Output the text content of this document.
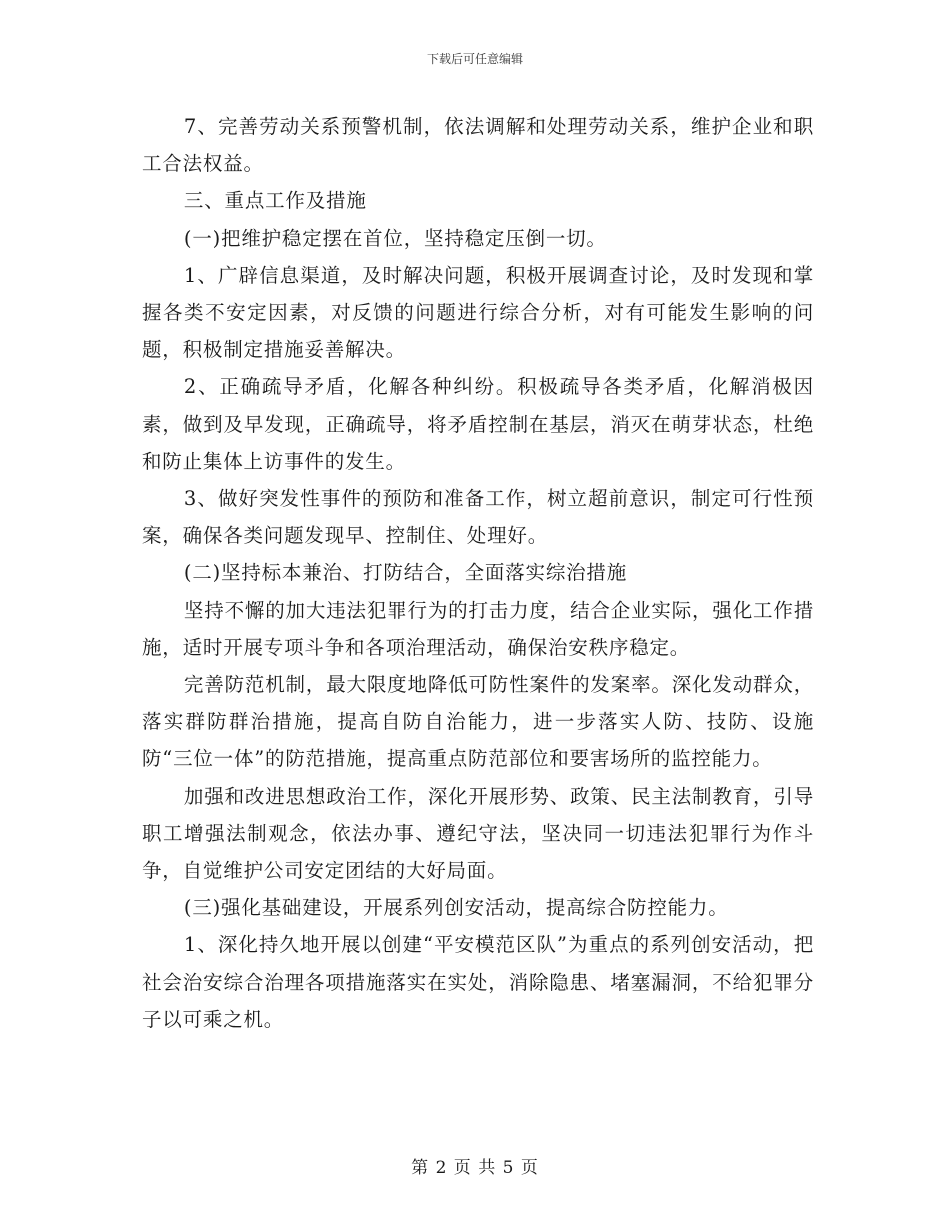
下载后可任意编辑

7、完善劳动关系预警机制，依法调解和处理劳动关系，维护企业和职工合法权益。

三、重点工作及措施

(一)把维护稳定摆在首位，坚持稳定压倒一切。

1、广辟信息渠道，及时解决问题，积极开展调查讨论，及时发现和掌握各类不安定因素，对反馈的问题进行综合分析，对有可能发生影响的问题，积极制定措施妥善解决。

2、正确疏导矛盾，化解各种纠纷。积极疏导各类矛盾，化解消极因素，做到及早发现，正确疏导，将矛盾控制在基层，消灭在萌芽状态，杜绝和防止集体上访事件的发生。

3、做好突发性事件的预防和准备工作，树立超前意识，制定可行性预案，确保各类问题发现早、控制住、处理好。

(二)坚持标本兼治、打防结合，全面落实综治措施

坚持不懈的加大违法犯罪行为的打击力度，结合企业实际，强化工作措施，适时开展专项斗争和各项治理活动，确保治安秩序稳定。

完善防范机制，最大限度地降低可防性案件的发案率。深化发动群众，落实群防群治措施，提高自防自治能力，进一步落实人防、技防、设施防“三位一体”的防范措施，提高重点防范部位和要害场所的监控能力。

加强和改进思想政治工作，深化开展形势、政策、民主法制教育，引导职工增强法制观念，依法办事、遵纪守法，坚决同一切违法犯罪行为作斗争，自觉维护公司安定团结的大好局面。

(三)强化基础建设，开展系列创安活动，提高综合防控能力。

1、深化持久地开展以创建“平安模范区队”为重点的系列创安活动，把社会治安综合治理各项措施落实在实处，消除隐患、堵塞漏洞，不给犯罪分子以可乘之机。

第 2 页 共 5 页
